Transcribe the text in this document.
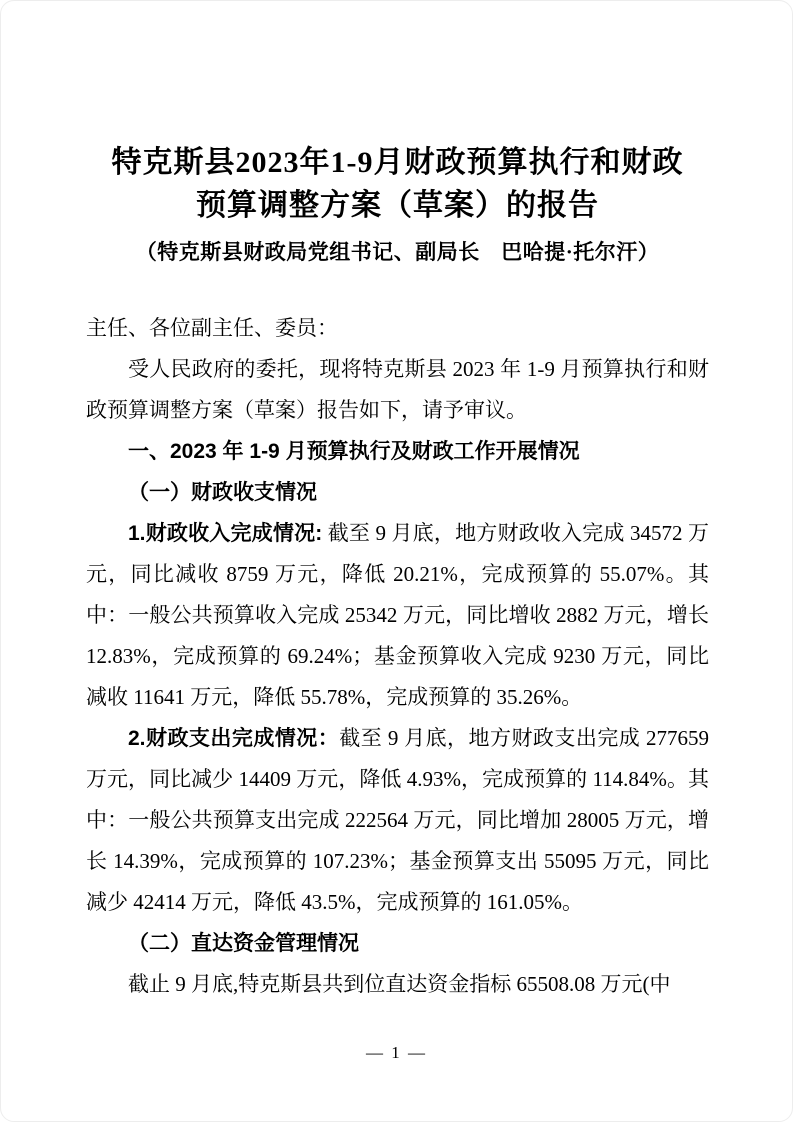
特克斯县2023年1-9月财政预算执行和财政
预算调整方案（草案）的报告
（特克斯县财政局党组书记、副局长　巴哈提·托尔汗）

主任、各位副主任、委员：

受人民政府的委托，现将特克斯县 2023 年 1-9 月预算执行和财政预算调整方案（草案）报告如下，请予审议。

一、2023 年 1-9 月预算执行及财政工作开展情况

（一）财政收支情况

1.财政收入完成情况: 截至 9 月底，地方财政收入完成 34572 万元，同比减收 8759 万元，降低 20.21%，完成预算的 55.07%。其中：一般公共预算收入完成 25342 万元，同比增收 2882 万元，增长 12.83%，完成预算的 69.24%；基金预算收入完成 9230 万元，同比减收 11641 万元，降低 55.78%，完成预算的 35.26%。

2.财政支出完成情况：截至 9 月底，地方财政支出完成 277659 万元，同比减少 14409 万元，降低 4.93%，完成预算的 114.84%。其中：一般公共预算支出完成 222564 万元，同比增加 28005 万元，增长 14.39%，完成预算的 107.23%；基金预算支出 55095 万元，同比减少 42414 万元，降低 43.5%，完成预算的 161.05%。

（二）直达资金管理情况

截止 9 月底,特克斯县共到位直达资金指标 65508.08 万元(中

— 1 —
